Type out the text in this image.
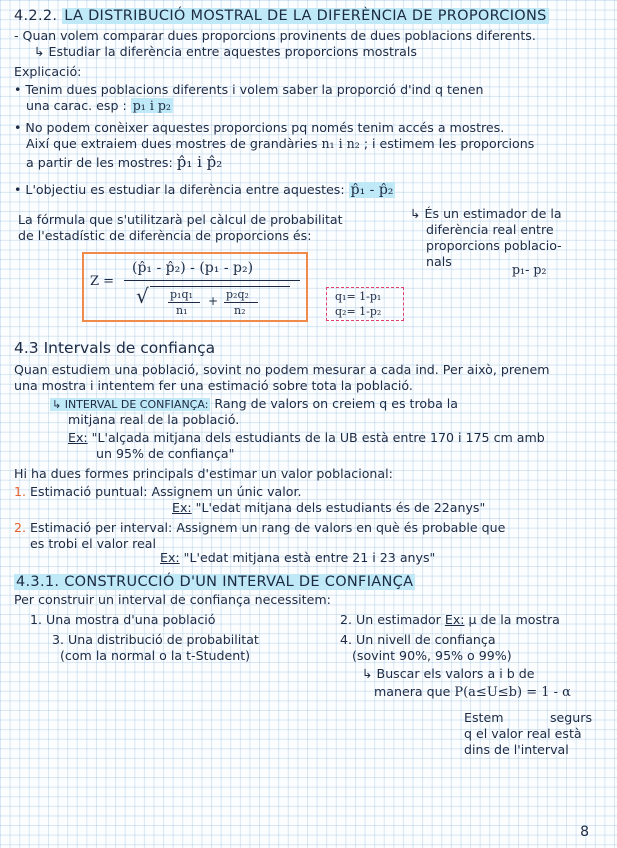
4.2.2. LA DISTRIBUCIÓ MOSTRAL DE LA DIFERÈNCIA DE PROPORCIONS
- Quan volem comparar dues proporcions provinents de dues poblacions diferents.
↳ Estudiar la diferència entre aquestes proporcions mostrals
Explicació:
• Tenim dues poblacions diferents i volem saber la proporció d'ind q tenen
una carac. esp : p₁ i p₂
• No podem conèixer aquestes proporcions pq només tenim accés a mostres.
Així que extraiem dues mostres de grandàries n₁ i n₂ ; i estimem les proporcions
a partir de les mostres: p̂₁ i p̂₂
• L'objectiu es estudiar la diferència entre aquestes: p̂₁ - p̂₂
La fórmula que s'utilitzarà pel càlcul de probabilitat
de l'estadístic de diferència de proporcions és:
↳ És un estimador de la
diferència real entre
proporcions poblacio-
nals
p₁- p₂
Z =
(p̂₁ - p̂₂) - (p₁ - p₂)
√ p₁q₁
n₁
+ p₂q₂
n₂
q₁= 1-p₁
q₂= 1-p₂
4.3 Intervals de confiança
Quan estudiem una població, sovint no podem mesurar a cada ind. Per això, prenem
una mostra i intentem fer una estimació sobre tota la població.
↳ INTERVAL DE CONFIANÇA: Rang de valors on creiem q es troba la
mitjana real de la població.
Ex: "L'alçada mitjana dels estudiants de la UB està entre 170 i 175 cm amb
un 95% de confiança"
Hi ha dues formes principals d'estimar un valor poblacional:
1. Estimació puntual: Assignem un únic valor.
Ex: "L'edat mitjana dels estudiants és de 22anys"
2. Estimació per interval: Assignem un rang de valors en què és probable que
es trobi el valor real
Ex: "L'edat mitjana està entre 21 i 23 anys"
4.3.1. CONSTRUCCIÓ D'UN INTERVAL DE CONFIANÇA
Per construir un interval de confiança necessitem:
1. Una mostra d'una població	2. Un estimador Ex: μ de la mostra
3. Una distribució de probabilitat
(com la normal o la t-Student)
4. Un nivell de confiança
(sovint 90%, 95% o 99%)
↳ Buscar els valors a i b de
manera que P(a≤U≤b) = 1 - α
Estem	segurs
q el valor real està
dins de l'interval
8
